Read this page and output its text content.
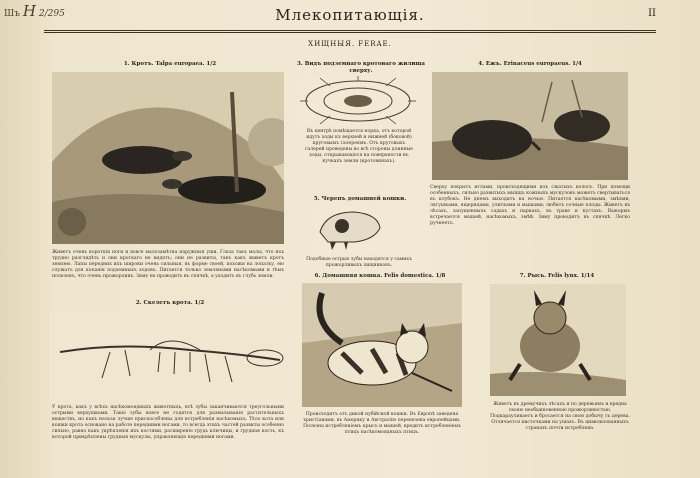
Шъ Н 2/295	Млекопитающія.	II
ХИЩНЫЯ. FERAE.
1. Кротъ. Talpa europaea. 1/2
Живетъ очень короткія ноги и вовсе малозамѣтна наружныя уши. Глаза такъ малы, что ихъ трудно разглядѣть и они кроткаго не видятъ; они не развиты, такъ какъ живетъ кротъ землею. Лапы передних ихъ широки очень сильныя, въ форме своей, похожи на лопатку, ею служатъ для копанія подземныхъ ходовъ. Питается только земляными насѣкомыми и тѣмъ полезенъ, что очень прожорливъ. Зиму не проводитъ въ спячкѣ, а уходитъ въ глубь земли.
2. Скелетъ крота. 1/2
У крота, какъ у всѣхъ насѣкомоядныхъ животныхъ, всѣ зубы заканчиваются треугольными острыми верхушками. Такіе зубы вовсе не годятся для размалыванія растительныхъ веществъ, но какъ нельзя лучше приспособлены для истребленія насѣкомыхъ. Тѣло кота или кошки крота основано на работе передними ногами, то всегда этихъ частей развиты особенно сильно, равно какъ укрѣпленія ихъ костями, расширеніе грудь ключицы, и грудная кость, къ которой прикрѣплены грудныя мускулы, управляющія передними ногами.
3. Видъ подземнаго кротоваго жилища сверху.
Въ центрѣ помѣщается норка, отъ которой идутъ ходы къ верхней и нижней (боковой) круговымъ галереямъ. Отъ круговыхъ галерей проведены во всѣ стороны длинные ходы, открывающіеся на поверхности въ кучкахъ земли (кротовинахъ).
5. Черепъ домашней кошки.
Подобные острые зубы находятся у самихъ прожорливыхъ хищниковъ.
4. Ежъ. Erinaceus europaeus. 1/4
Сверху покрытъ иглами, происходящими изъ сжатыхъ волосъ. При помощи особенныхъ, сильно развитыхъ мышцъ кожныхъ мускуловъ можетъ свертываться въ клубокъ. Не днемъ выходитъ на ночью. Питается насѣкомыми, змѣями, лягушками, ящерицами, улитками и мышами; любитъ сочные плоды. Живетъ въ лѣсахъ, запущенныхъ садахъ и паркахъ, въ траве и кустахъ. Выкормъ встречается мышей, насѣкомыхъ, змѣй. Зиму проводитъ въ спячкѣ. Легко ручнеетъ.
6. Домашняя кошка. Felis domestica. 1/8
Происходитъ отъ дикой нубійской кошки. Въ Европѣ заведена христіанами, въ Америку и Австралію перевезена европейцами. Полезна истребленіемъ крысъ и мышей, вредитъ истребленіемъ птицъ насѣкомоядныхъ птицъ.
7. Рысь. Felis lynx. 1/14
Живетъ въ дремучихъ лѣсахъ и по деревьямъ и вредна своею необыкновенною прожорливостью. Подкарауливаетъ и бросается на свою добычу съ дерева. Отличается кисточками на ушахъ. Въ цивилизованныхъ странахъ почти истреблена.
